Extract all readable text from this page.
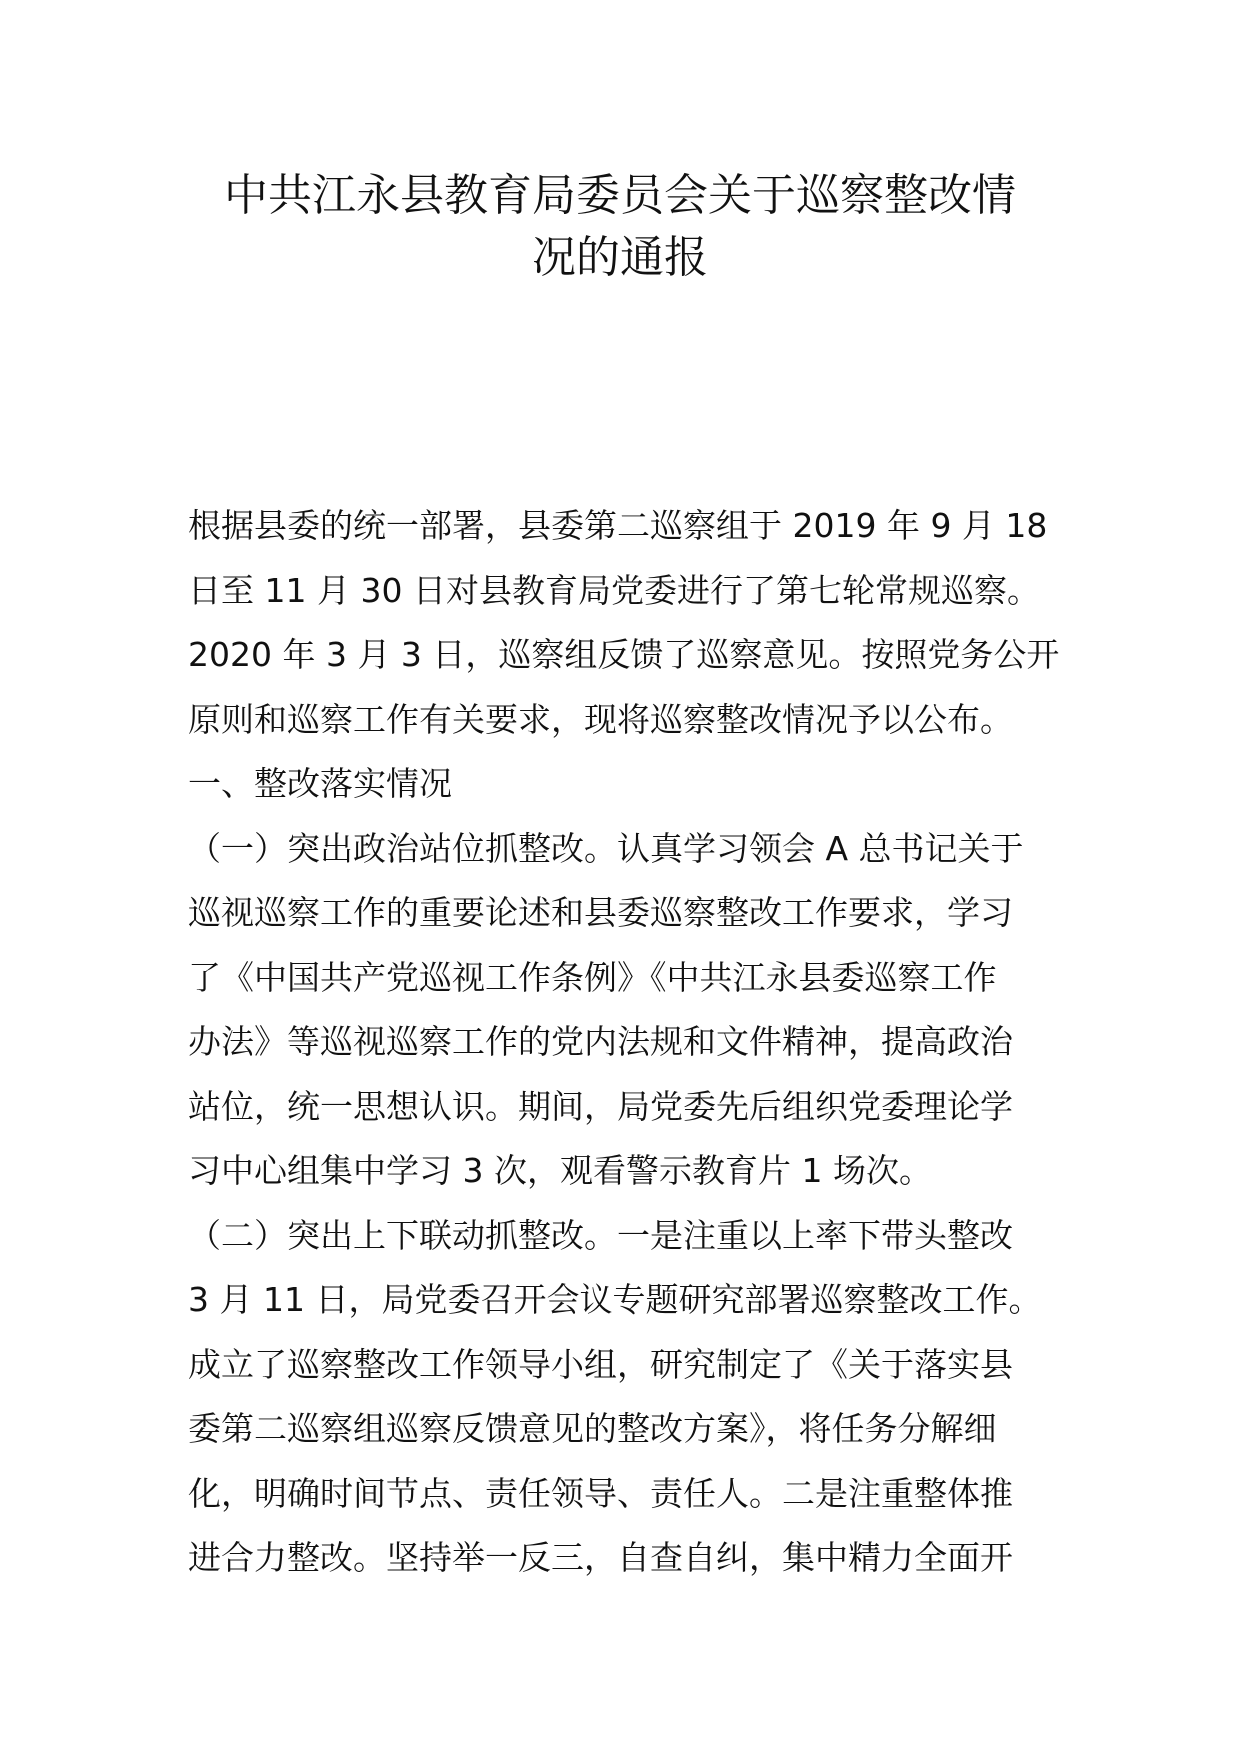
中共江永县教育局委员会关于巡察整改情
况的通报
根据县委的统一部署，县委第二巡察组于 2019 年 9 月 18
日至 11 月 30 日对县教育局党委进行了第七轮常规巡察。
2020 年 3 月 3 日，巡察组反馈了巡察意见。按照党务公开
原则和巡察工作有关要求，现将巡察整改情况予以公布。
一、整改落实情况
（一）突出政治站位抓整改。认真学习领会 A 总书记关于
巡视巡察工作的重要论述和县委巡察整改工作要求，学习
了《中国共产党巡视工作条例》《中共江永县委巡察工作
办法》等巡视巡察工作的党内法规和文件精神，提高政治
站位，统一思想认识。期间，局党委先后组织党委理论学
习中心组集中学习 3 次，观看警示教育片 1 场次。
（二）突出上下联动抓整改。一是注重以上率下带头整改
3 月 11 日，局党委召开会议专题研究部署巡察整改工作。
成立了巡察整改工作领导小组，研究制定了《关于落实县
委第二巡察组巡察反馈意见的整改方案》，将任务分解细
化，明确时间节点、责任领导、责任人。二是注重整体推
进合力整改。坚持举一反三，自查自纠，集中精力全面开
